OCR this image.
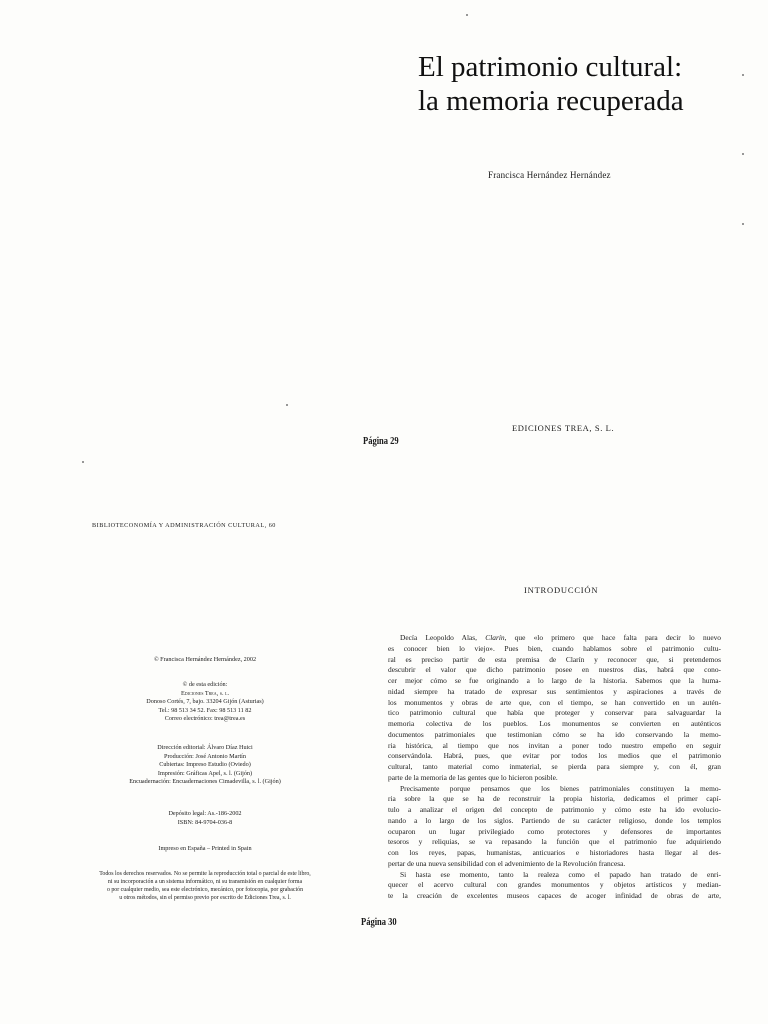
El patrimonio cultural:
la memoria recuperada
Francisca Hernández Hernández
EDICIONES TREA, S. L.
Página 29
BIBLIOTECONOMÍA Y ADMINISTRACIÓN CULTURAL, 60
© Francisca Hernández Hernández, 2002
© de esta edición:
Ediciones Trea, s. l.
Donoso Cortés, 7, bajo. 33204 Gijón (Asturias)
Tel.: 98 513 34 52. Fax: 98 513 11 82
Correo electrónico: trea@trea.es
Dirección editorial: Álvaro Díaz Huici
Producción: José Antonio Martín
Cubiertas: Impreso Estudio (Oviedo)
Impresión: Gráficas Apel, s. l. (Gijón)
Encuadernación: Encuadernaciones Cimadevilla, s. l. (Gijón)
Depósito legal: As.-186-2002
ISBN: 84-9704-036-8
Impreso en España – Printed in Spain
Todos los derechos reservados. No se permite la reproducción total o parcial de este libro,
ni su incorporación a un sistema informático, ni su transmisión en cualquier forma
o por cualquier medio, sea este electrónico, mecánico, por fotocopia, por grabación
u otros métodos, sin el permiso previo por escrito de Ediciones Trea, s. l.
INTRODUCCIÓN
Decía Leopoldo Alas, Clarín, que «lo primero que hace falta para decir lo nuevo
es conocer bien lo viejo». Pues bien, cuando hablamos sobre el patrimonio cultu-
ral es preciso partir de esta premisa de Clarín y reconocer que, si pretendemos
descubrir el valor que dicho patrimonio posee en nuestros días, habrá que cono-
cer mejor cómo se fue originando a lo largo de la historia. Sabemos que la huma-
nidad siempre ha tratado de expresar sus sentimientos y aspiraciones a través de
los monumentos y obras de arte que, con el tiempo, se han convertido en un autén-
tico patrimonio cultural que había que proteger y conservar para salvaguardar la
memoria colectiva de los pueblos. Los monumentos se convierten en auténticos
documentos patrimoniales que testimonian cómo se ha ido conservando la memo-
ria histórica, al tiempo que nos invitan a poner todo nuestro empeño en seguir
conservándola. Habrá, pues, que evitar por todos los medios que el patrimonio
cultural, tanto material como inmaterial, se pierda para siempre y, con él, gran
parte de la memoria de las gentes que lo hicieron posible.
Precisamente porque pensamos que los bienes patrimoniales constituyen la memo-
ria sobre la que se ha de reconstruir la propia historia, dedicamos el primer capí-
tulo a analizar el origen del concepto de patrimonio y cómo este ha ido evolucio-
nando a lo largo de los siglos. Partiendo de su carácter religioso, donde los templos
ocuparon un lugar privilegiado como protectores y defensores de importantes
tesoros y reliquias, se va repasando la función que el patrimonio fue adquiriendo
con los reyes, papas, humanistas, anticuarios e historiadores hasta llegar al des-
pertar de una nueva sensibilidad con el advenimiento de la Revolución francesa.
Si hasta ese momento, tanto la realeza como el papado han tratado de enri-
quecer el acervo cultural con grandes monumentos y objetos artísticos y median-
te la creación de excelentes museos capaces de acoger infinidad de obras de arte,
Página 30
